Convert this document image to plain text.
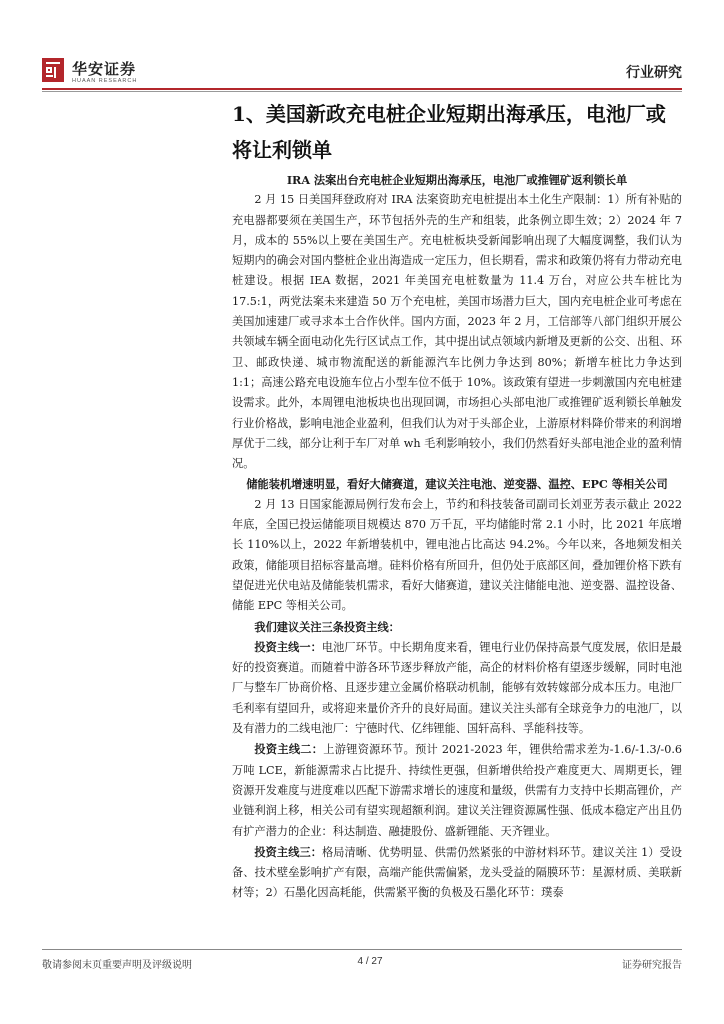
华安证券
HUAAN RESEARCH	行业研究
1、美国新政充电桩企业短期出海承压，电池厂或将让利锁单

IRA 法案出台充电桩企业短期出海承压，电池厂或推锂矿返利锁长单

2 月 15 日美国拜登政府对 IRA 法案资助充电桩提出本土化生产限制：1）所有补贴的充电器都要须在美国生产，环节包括外壳的生产和组装，此条例立即生效；2）2024 年 7 月，成本的 55%以上要在美国生产。充电桩板块受新闻影响出现了大幅度调整，我们认为短期内的确会对国内整桩企业出海造成一定压力，但长期看，需求和政策仍将有力带动充电桩建设。根据 IEA 数据，2021 年美国充电桩数量为 11.4 万台，对应公共车桩比为 17.5:1，两党法案未来建造 50 万个充电桩，美国市场潜力巨大，国内充电桩企业可考虑在美国加速建厂或寻求本土合作伙伴。国内方面，2023 年 2 月，工信部等八部门组织开展公共领域车辆全面电动化先行区试点工作，其中提出试点领域内新增及更新的公交、出租、环卫、邮政快递、城市物流配送的新能源汽车比例力争达到 80%；新增车桩比力争达到 1:1；高速公路充电设施车位占小型车位不低于 10%。该政策有望进一步刺激国内充电桩建设需求。此外，本周锂电池板块也出现回调，市场担心头部电池厂或推锂矿返利锁长单触发行业价格战，影响电池企业盈利，但我们认为对于头部企业，上游原材料降价带来的利润增厚优于二线，部分让利于车厂对单 wh 毛利影响较小，我们仍然看好头部电池企业的盈利情况。

储能装机增速明显，看好大储赛道，建议关注电池、逆变器、温控、EPC 等相关公司

2 月 13 日国家能源局例行发布会上，节约和科技装备司副司长刘亚芳表示截止 2022 年底，全国已投运储能项目规模达 870 万千瓦，平均储能时常 2.1 小时，比 2021 年底增长 110%以上，2022 年新增装机中，锂电池占比高达 94.2%。今年以来，各地频发相关政策，储能项目招标容量高增。硅料价格有所回升，但仍处于底部区间，叠加锂价格下跌有望促进光伏电站及储能装机需求，看好大储赛道，建议关注储能电池、逆变器、温控设备、储能 EPC 等相关公司。

我们建议关注三条投资主线：

投资主线一：电池厂环节。中长期角度来看，锂电行业仍保持高景气度发展，依旧是最好的投资赛道。而随着中游各环节逐步释放产能，高企的材料价格有望逐步缓解，同时电池厂与整车厂协商价格、且逐步建立金属价格联动机制，能够有效转嫁部分成本压力。电池厂毛利率有望回升，或将迎来量价齐升的良好局面。建议关注头部有全球竞争力的电池厂，以及有潜力的二线电池厂：宁德时代、亿纬锂能、国轩高科、孚能科技等。

投资主线二：上游锂资源环节。预计 2021-2023 年，锂供给需求差为-1.6/-1.3/-0.6 万吨 LCE，新能源需求占比提升、持续性更强，但新增供给投产难度更大、周期更长，锂资源开发难度与进度难以匹配下游需求增长的速度和量级，供需有力支持中长期高锂价，产业链利润上移，相关公司有望实现超额利润。建议关注锂资源属性强、低成本稳定产出且仍有扩产潜力的企业：科达制造、融捷股份、盛新锂能、天齐锂业。

投资主线三：格局清晰、优势明显、供需仍然紧张的中游材料环节。建议关注 1）受设备、技术壁垒影响扩产有限，高端产能供需偏紧，龙头受益的隔膜环节：星源材质、美联新材等；2）石墨化因高耗能，供需紧平衡的负极及石墨化环节：璞泰

敬请参阅末页重要声明及评级说明	4 / 27	证券研究报告
